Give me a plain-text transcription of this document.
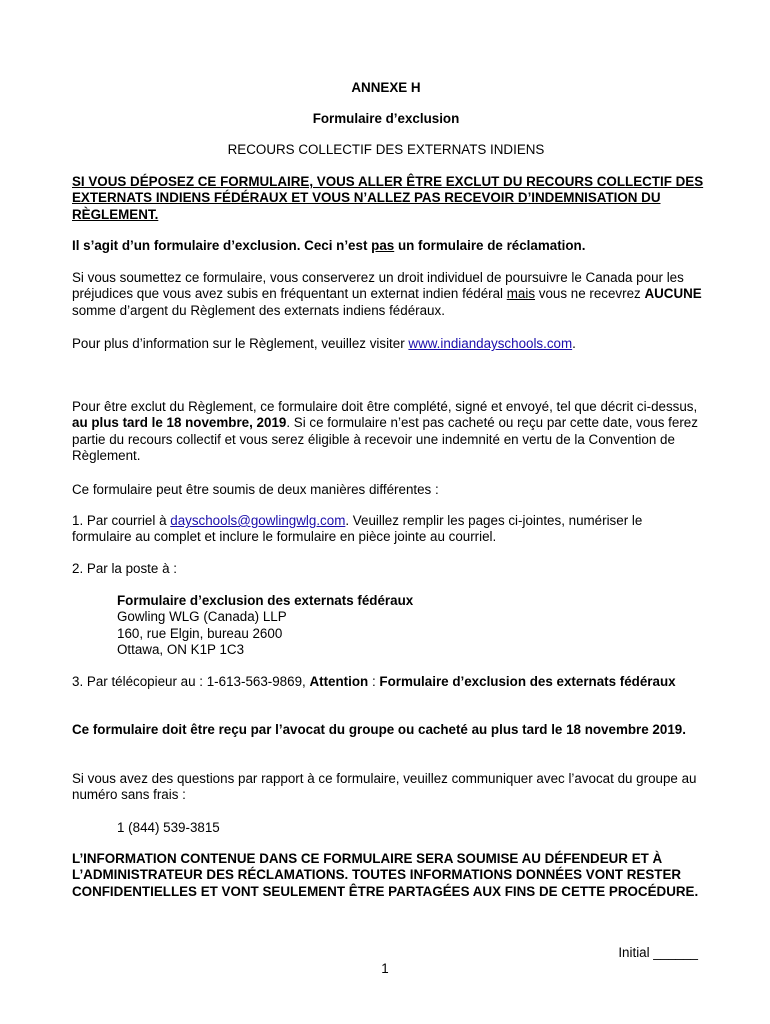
ANNEXE H

Formulaire d’exclusion

RECOURS COLLECTIF DES EXTERNATS INDIENS

SI VOUS DÉPOSEZ CE FORMULAIRE, VOUS ALLER ÊTRE EXCLUT DU RECOURS COLLECTIF DES EXTERNATS INDIENS FÉDÉRAUX ET VOUS N’ALLEZ PAS RECEVOIR D’INDEMNISATION DU RÈGLEMENT.

Il s’agit d’un formulaire d’exclusion. Ceci n’est pas un formulaire de réclamation.

Si vous soumettez ce formulaire, vous conserverez un droit individuel de poursuivre le Canada pour les préjudices que vous avez subis en fréquentant un externat indien fédéral mais vous ne recevrez AUCUNE somme d’argent du Règlement des externats indiens fédéraux.

Pour plus d’information sur le Règlement, veuillez visiter www.indiandayschools.com.

Pour être exclut du Règlement, ce formulaire doit être complété, signé et envoyé, tel que décrit ci-dessus, au plus tard le 18 novembre, 2019. Si ce formulaire n’est pas cacheté ou reçu par cette date, vous ferez partie du recours collectif et vous serez éligible à recevoir une indemnité en vertu de la Convention de Règlement.

Ce formulaire peut être soumis de deux manières différentes :

1. Par courriel à dayschools@gowlingwlg.com. Veuillez remplir les pages ci-jointes, numériser le formulaire au complet et inclure le formulaire en pièce jointe au courriel.

2. Par la poste à :

Formulaire d’exclusion des externats fédéraux
Gowling WLG (Canada) LLP
160, rue Elgin, bureau 2600
Ottawa, ON K1P 1C3

3. Par télécopieur au : 1-613-563-9869, Attention : Formulaire d’exclusion des externats fédéraux

Ce formulaire doit être reçu par l’avocat du groupe ou cacheté au plus tard le 18 novembre 2019.

Si vous avez des questions par rapport à ce formulaire, veuillez communiquer avec l’avocat du groupe au numéro sans frais :

1 (844) 539-3815

L’INFORMATION CONTENUE DANS CE FORMULAIRE SERA SOUMISE AU DÉFENDEUR ET À L’ADMINISTRATEUR DES RÉCLAMATIONS. TOUTES INFORMATIONS DONNÉES VONT RESTER CONFIDENTIELLES ET VONT SEULEMENT ÊTRE PARTAGÉES AUX FINS DE CETTE PROCÉDURE.

Initial ______

1
